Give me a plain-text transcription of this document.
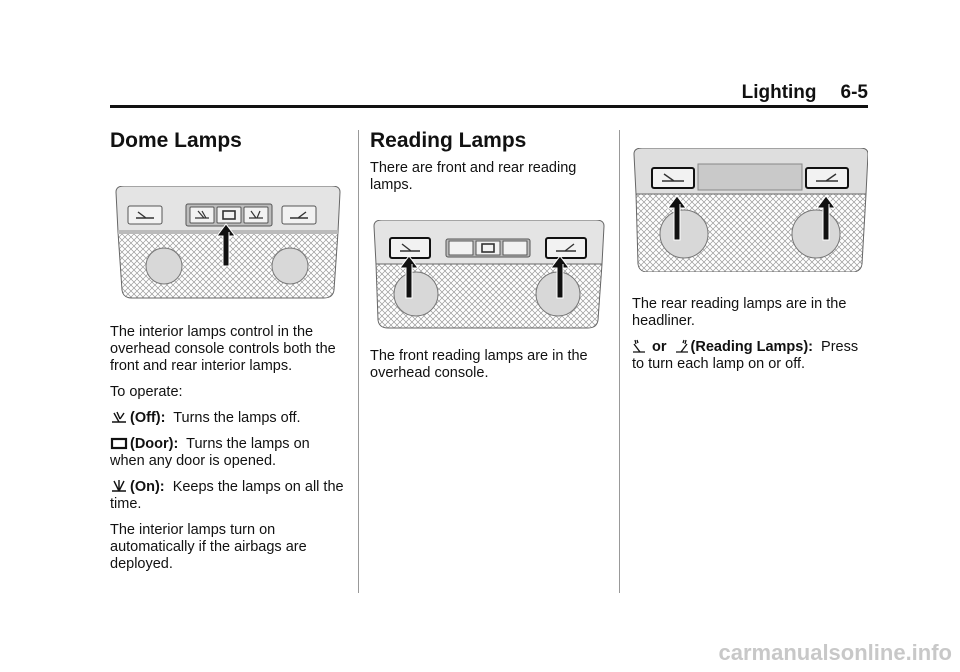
Lighting 6-5
Dome Lamps

The interior lamps control in the overhead console controls both the front and rear interior lamps.

To operate:

(Off): Turns the lamps off.

(Door): Turns the lamps on when any door is opened.

(On): Keeps the lamps on all the time.

The interior lamps turn on automatically if the airbags are deployed.

Reading Lamps

There are front and rear reading lamps.

The front reading lamps are in the overhead console.

The rear reading lamps are in the headliner.

or (Reading Lamps): Press to turn each lamp on or off.

carmanualsonline.info
